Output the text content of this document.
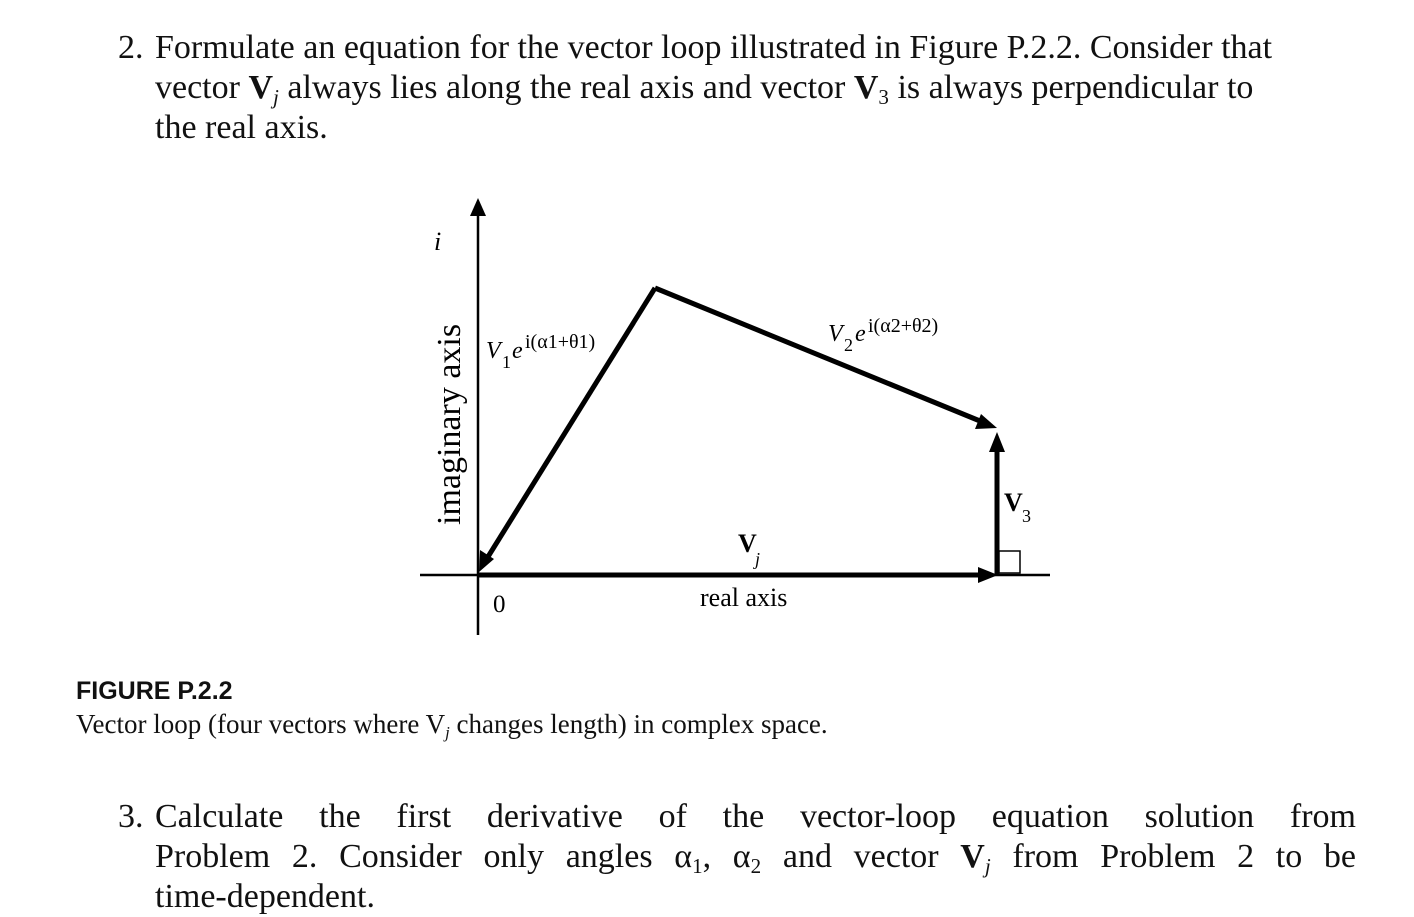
2. Formulate an equation for the vector loop illustrated in Figure P.2.2. Consider that
vector $V_j$ always lies along the real axis and vector $V_3$ is always perpendicular to
the real axis.
i
imaginary axis
0	real axis
V 1 e i(α1+θ1)	V 2 e i(α2+θ2)
V
j
V 3
FIGURE P.2.2
Vector loop (four vectors where $V_j$ changes length) in complex space.
3. Calculate the first derivative of the vector-loop equation solution from
Problem 2. Consider only angles $\alpha_1$, $\alpha_2$ and vector $V_j$ from Problem 2 to be
time-dependent.
